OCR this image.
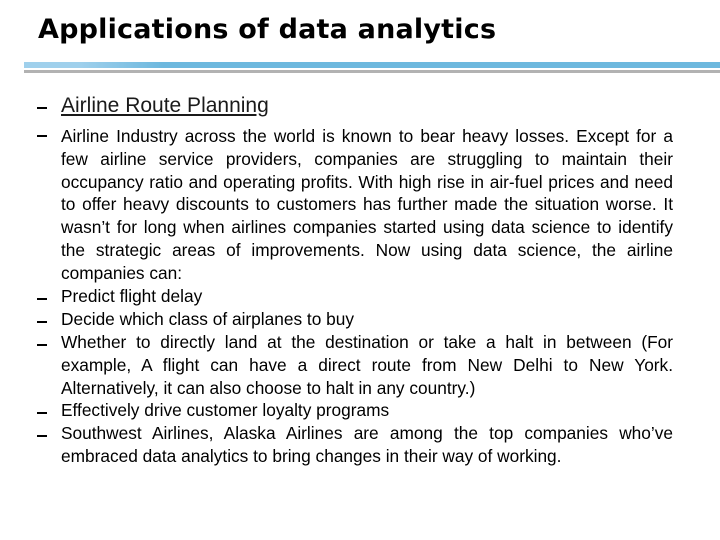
Applications of data analytics
Airline Route Planning
Airline Industry across the world is known to bear heavy losses. Except for a few airline service providers, companies are struggling to maintain their occupancy ratio and operating profits. With high rise in air-fuel prices and need to offer heavy discounts to customers has further made the situation worse. It wasn’t for long when airlines companies started using data science to identify the strategic areas of improvements. Now using data science, the airline companies can:
Predict flight delay
Decide which class of airplanes to buy
Whether to directly land at the destination or take a halt in between (For example, A flight can have a direct route from New Delhi to New York. Alternatively, it can also choose to halt in any country.)
Effectively drive customer loyalty programs
Southwest Airlines, Alaska Airlines are among the top companies who’ve embraced data analytics to bring changes in their way of working.
